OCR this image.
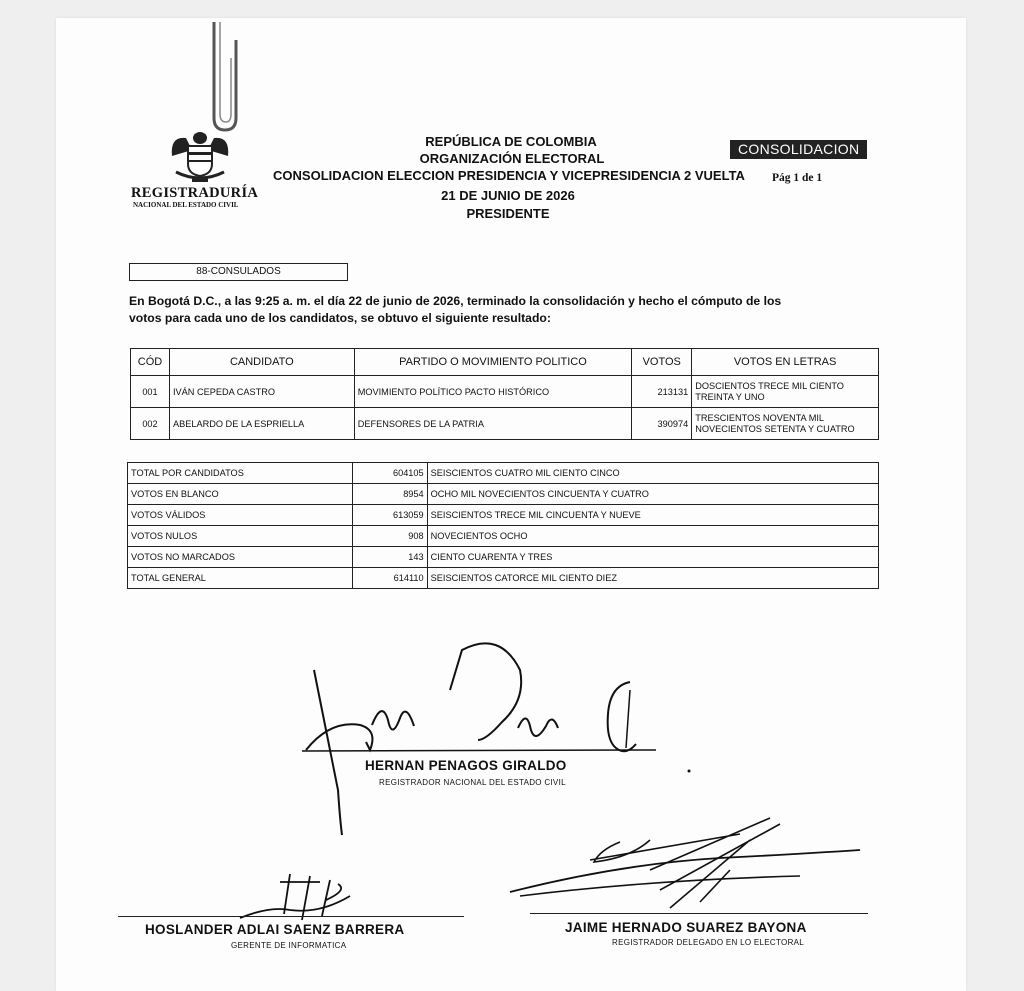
REGISTRADURÍA
NACIONAL DEL ESTADO CIVIL
REPÚBLICA DE COLOMBIA
ORGANIZACIÓN ELECTORAL
CONSOLIDACION ELECCION PRESIDENCIA Y VICEPRESIDENCIA 2 VUELTA
21 DE JUNIO DE 2026
PRESIDENTE
CONSOLIDACION
Pág 1 de 1
88-CONSULADOS
En Bogotá D.C., a las 9:25 a. m. el día 22 de junio de 2026, terminado la consolidación y hecho el cómputo de los
votos para cada uno de los candidatos, se obtuvo el siguiente resultado:
CÓD	CANDIDATO	PARTIDO O MOVIMIENTO POLITICO	VOTOS	VOTOS EN LETRAS
001	IVÁN CEPEDA CASTRO	MOVIMIENTO POLÍTICO PACTO HISTÓRICO	213131	DOSCIENTOS TRECE MIL CIENTO
TREINTA Y UNO
002	ABELARDO DE LA ESPRIELLA	DEFENSORES DE LA PATRIA	390974	TRESCIENTOS NOVENTA MIL
NOVECIENTOS SETENTA Y CUATRO
TOTAL POR CANDIDATOS	604105	SEISCIENTOS CUATRO MIL CIENTO CINCO
VOTOS EN BLANCO	8954	OCHO MIL NOVECIENTOS CINCUENTA Y CUATRO
VOTOS VÁLIDOS	613059	SEISCIENTOS TRECE MIL CINCUENTA Y NUEVE
VOTOS NULOS	908	NOVECIENTOS OCHO
VOTOS NO MARCADOS	143	CIENTO CUARENTA Y TRES
TOTAL GENERAL	614110	SEISCIENTOS CATORCE MIL CIENTO DIEZ
HERNAN PENAGOS GIRALDO
REGISTRADOR NACIONAL DEL ESTADO CIVIL
HOSLANDER ADLAI SAENZ BARRERA
GERENTE DE INFORMATICA
JAIME HERNADO SUAREZ BAYONA
REGISTRADOR DELEGADO EN LO ELECTORAL
